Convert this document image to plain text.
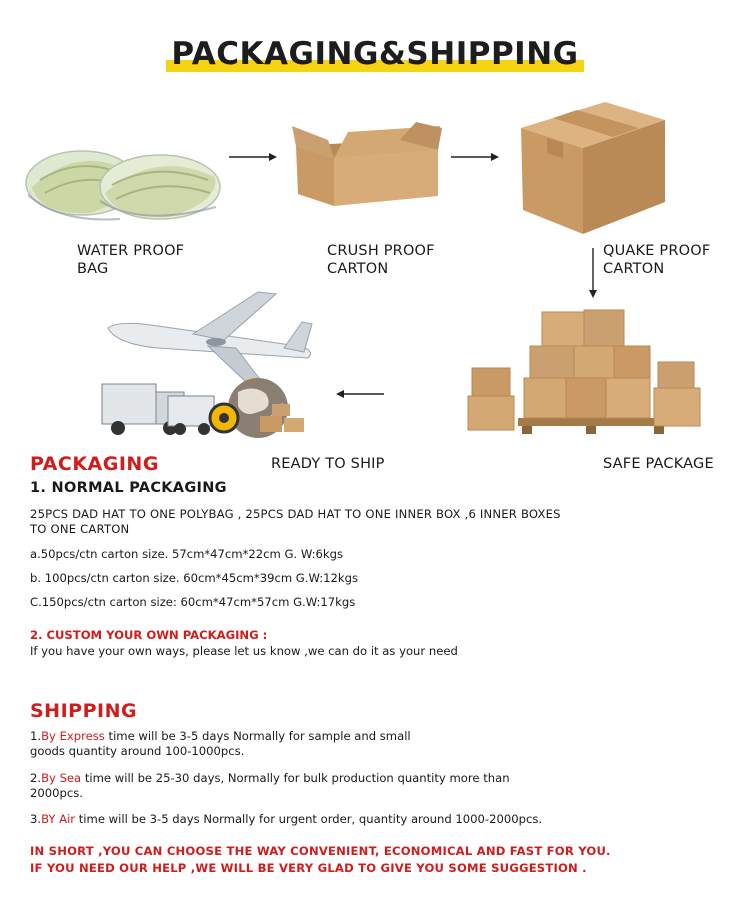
PACKAGING&SHIPPING
WATER PROOF
BAG
CRUSH PROOF
CARTON
QUAKE PROOF
CARTON
SAFE PACKAGE
READY TO SHIP
PACKAGING
1. NORMAL PACKAGING
25PCS DAD HAT TO ONE POLYBAG , 25PCS DAD HAT TO ONE INNER BOX ,6 INNER BOXES
TO ONE CARTON
a.50pcs/ctn carton size. 57cm*47cm*22cm G. W:6kgs
b. 100pcs/ctn carton size. 60cm*45cm*39cm G.W:12kgs
C.150pcs/ctn carton size: 60cm*47cm*57cm G.W:17kgs
2. CUSTOM YOUR OWN PACKAGING :
If you have your own ways, please let us know ,we can do it as your need
SHIPPING
1.By Express time will be 3-5 days Normally for sample and small
goods quantity around 100-1000pcs.
2.By Sea time will be 25-30 days, Normally for bulk production quantity more than
2000pcs.
3.BY Air time will be 3-5 days Normally for urgent order, quantity around 1000-2000pcs.
IN SHORT ,YOU CAN CHOOSE THE WAY CONVENIENT, ECONOMICAL AND FAST FOR YOU.
IF YOU NEED OUR HELP ,WE WILL BE VERY GLAD TO GIVE YOU SOME SUGGESTION .
